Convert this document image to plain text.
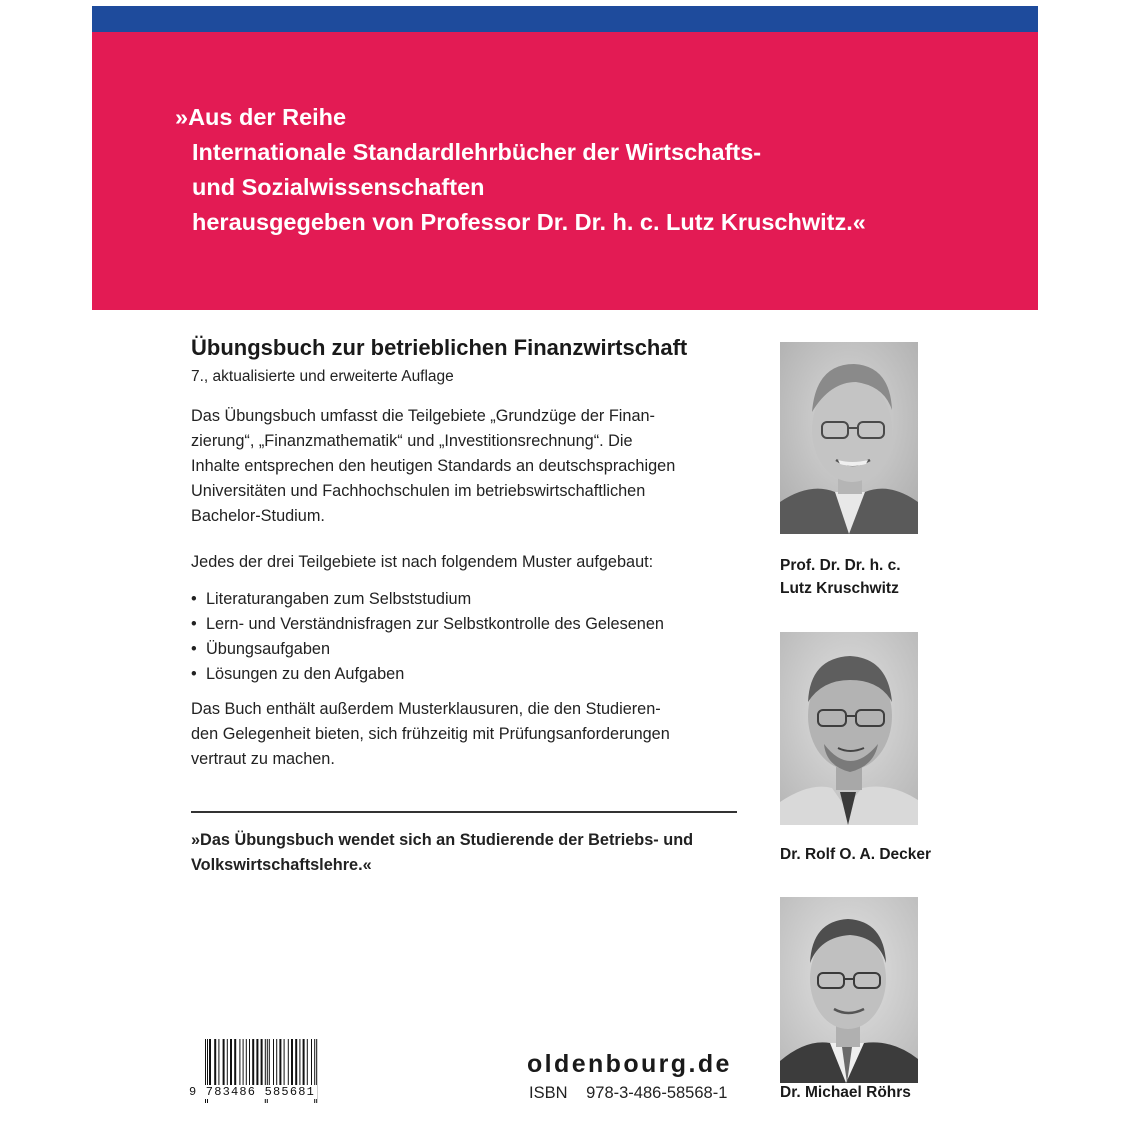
»Aus der Reihe
Internationale Standardlehrbücher der Wirtschafts-
und Sozialwissenschaften
herausgegeben von Professor Dr. Dr. h. c. Lutz Kruschwitz.«
Übungsbuch zur betrieblichen Finanzwirtschaft
7., aktualisierte und erweiterte Auflage

Das Übungsbuch umfasst die Teilgebiete „Grundzüge der Finan-
zierung“, „Finanzmathematik“ und „Investitionsrechnung“. Die
Inhalte entsprechen den heutigen Standards an deutschsprachigen
Universitäten und Fachhochschulen im betriebswirtschaftlichen
Bachelor-Studium.

Jedes der drei Teilgebiete ist nach folgendem Muster aufgebaut:

• Literaturangaben zum Selbststudium
• Lern- und Verständnisfragen zur Selbstkontrolle des Gelesenen
• Übungsaufgaben
• Lösungen zu den Aufgaben

Das Buch enthält außerdem Musterklausuren, die den Studieren-
den Gelegenheit bieten, sich frühzeitig mit Prüfungsanforderungen
vertraut zu machen.

»Das Übungsbuch wendet sich an Studierende der Betriebs- und
Volkswirtschaftslehre.«
Prof. Dr. Dr. h. c.
Lutz Kruschwitz
Dr. Rolf O. A. Decker
Dr. Michael Röhrs
9 783486 585681
oldenbourg.de
ISBN 978-3-486-58568-1
